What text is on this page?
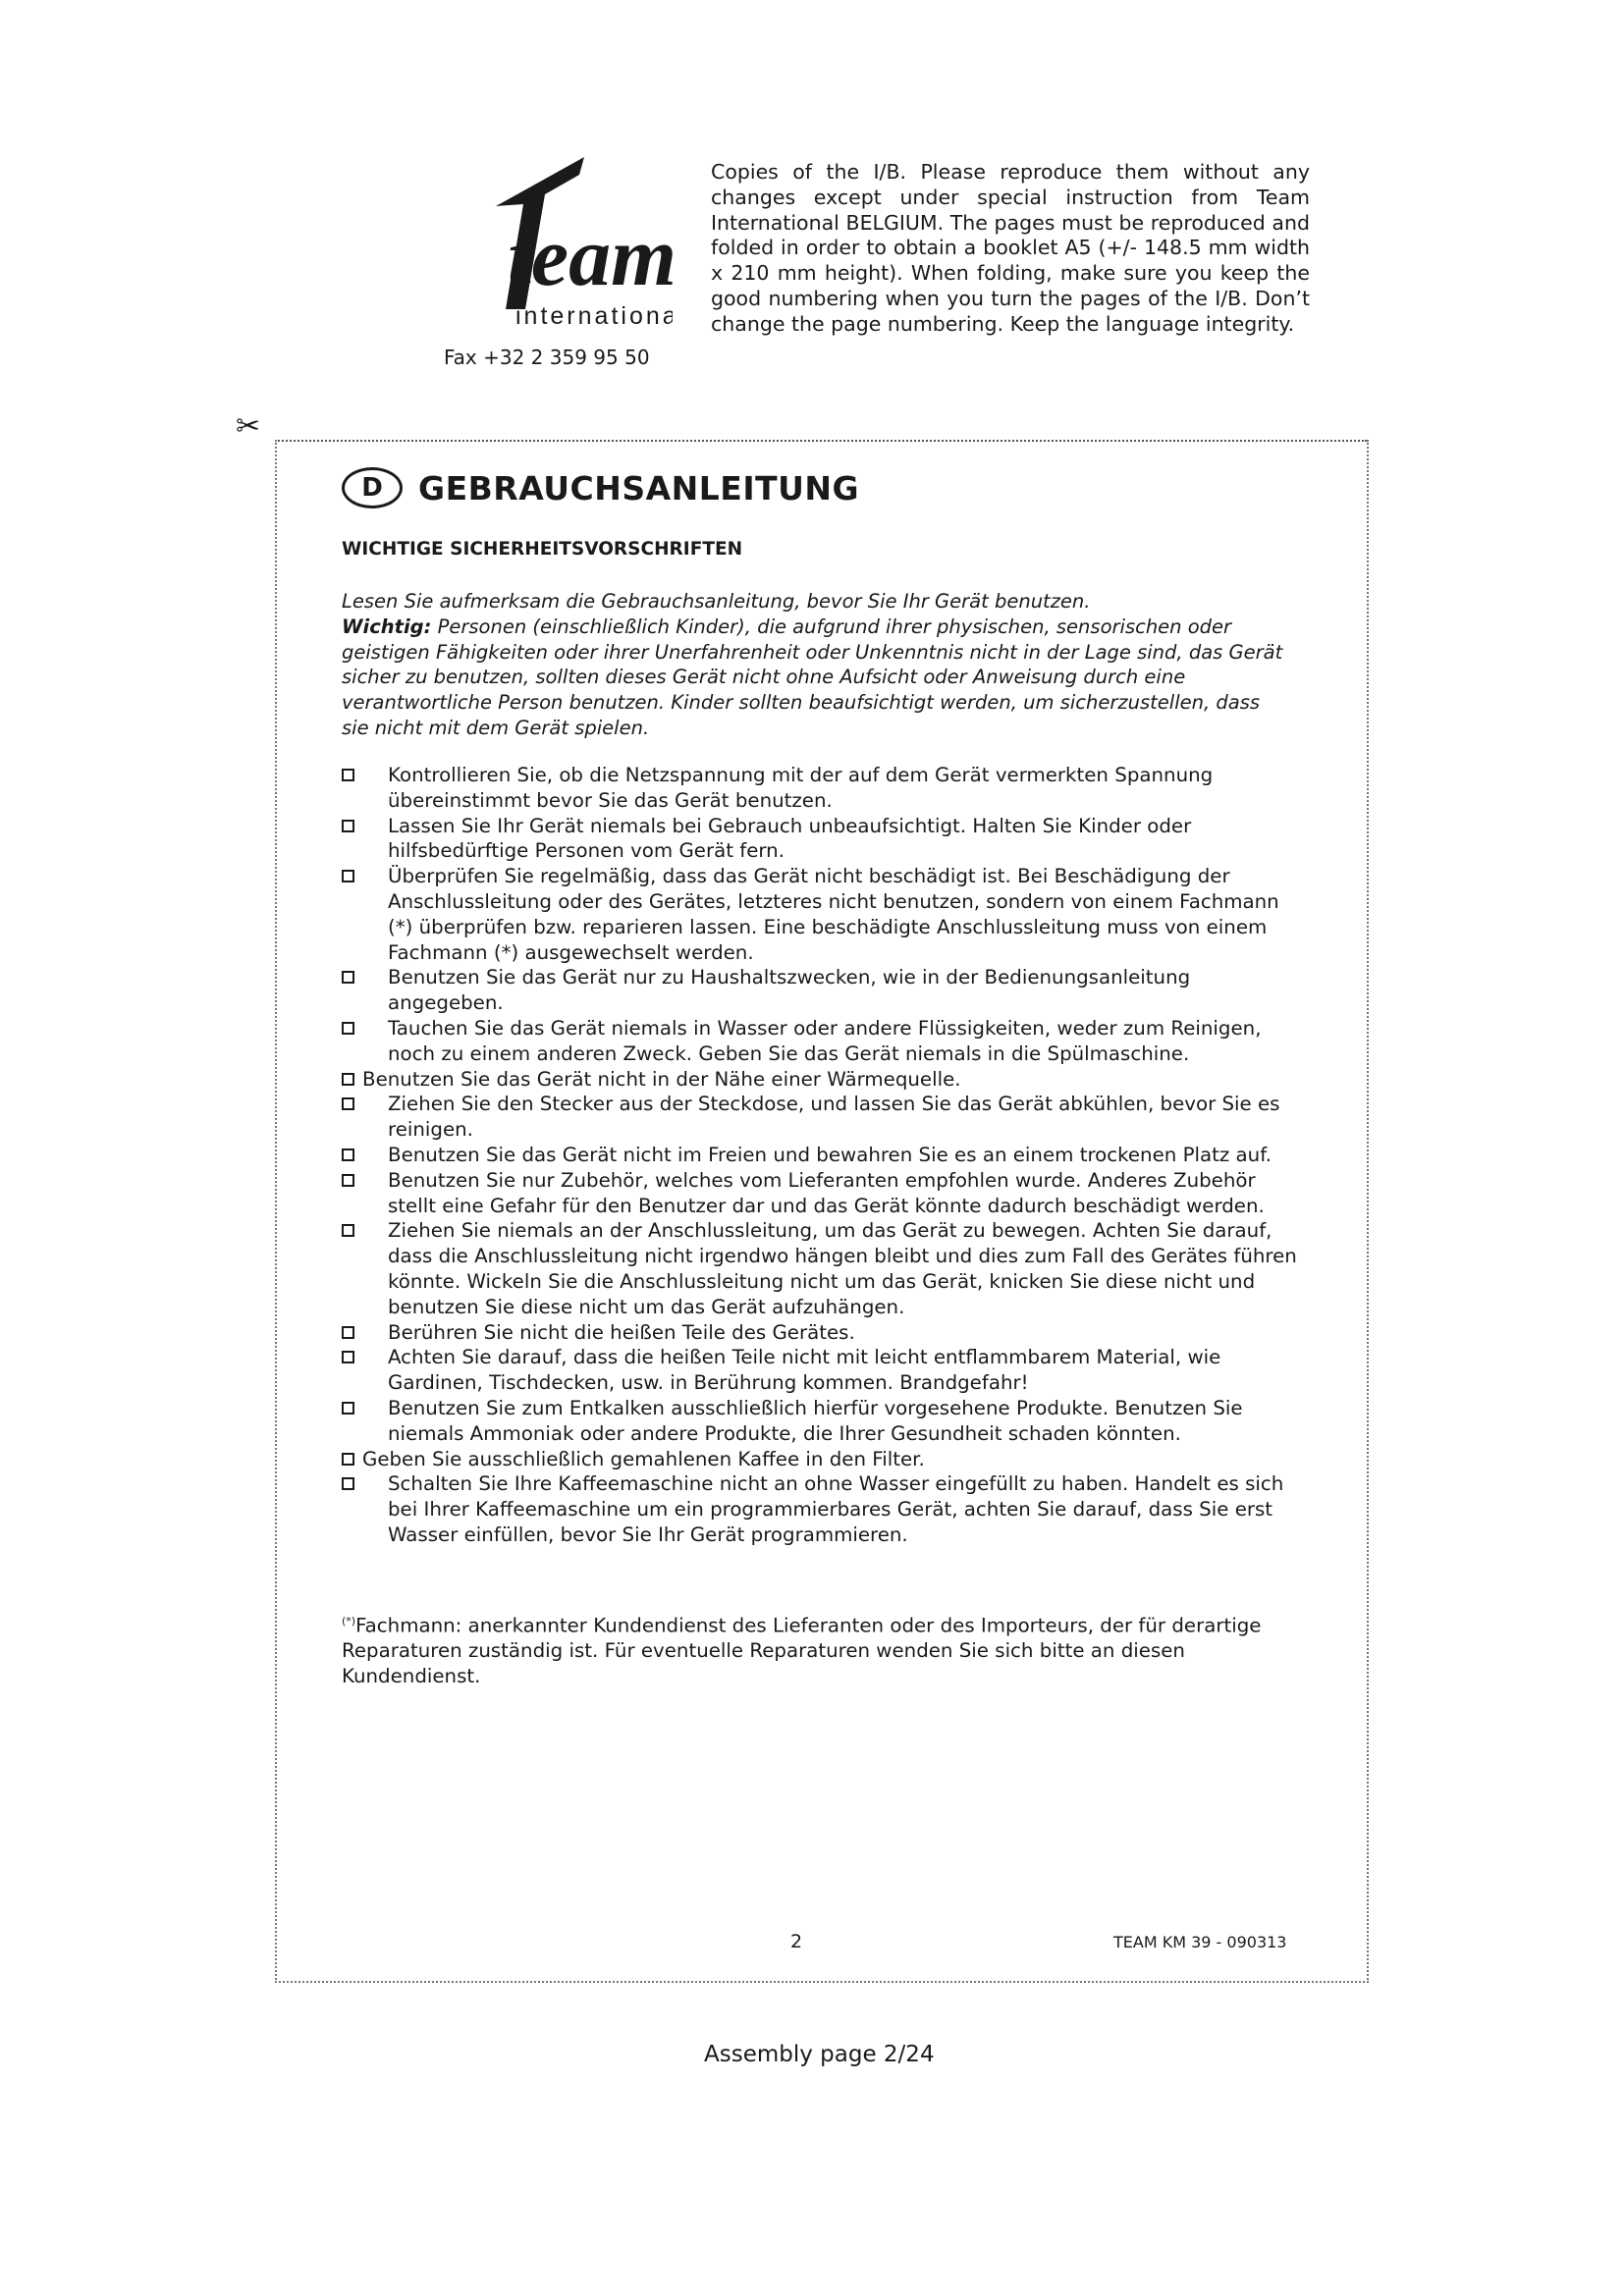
team
international
Fax +32 2 359 95 50
Copies of the I/B. Please reproduce them without any changes except under special instruction from Team International BELGIUM. The pages must be reproduced and folded in order to obtain a booklet A5 (+/- 148.5 mm width x 210 mm height). When folding, make sure you keep the good numbering when you turn the pages of the I/B. Don’t change the page numbering. Keep the language integrity.
✂
D	GEBRAUCHSANLEITUNG
WICHTIGE SICHERHEITSVORSCHRIFTEN
Lesen Sie aufmerksam die Gebrauchsanleitung, bevor Sie Ihr Gerät benutzen.
Wichtig: Personen (einschließlich Kinder), die aufgrund ihrer physischen, sensorischen oder geistigen Fähigkeiten oder ihrer Unerfahrenheit oder Unkenntnis nicht in der Lage sind, das Gerät sicher zu benutzen, sollten dieses Gerät nicht ohne Aufsicht oder Anweisung durch eine verantwortliche Person benutzen. Kinder sollten beaufsichtigt werden, um sicherzustellen, dass sie nicht mit dem Gerät spielen.
Kontrollieren Sie, ob die Netzspannung mit der auf dem Gerät vermerkten Spannung übereinstimmt bevor Sie das Gerät benutzen.
Lassen Sie Ihr Gerät niemals bei Gebrauch unbeaufsichtigt. Halten Sie Kinder oder hilfsbedürftige Personen vom Gerät fern.
Überprüfen Sie regelmäßig, dass das Gerät nicht beschädigt ist. Bei Beschädigung der Anschlussleitung oder des Gerätes, letzteres nicht benutzen, sondern von einem Fachmann (*) überprüfen bzw. reparieren lassen. Eine beschädigte Anschlussleitung muss von einem Fachmann (*) ausgewechselt werden.
Benutzen Sie das Gerät nur zu Haushaltszwecken, wie in der Bedienungsanleitung angegeben.
Tauchen Sie das Gerät niemals in Wasser oder andere Flüssigkeiten, weder zum Reinigen, noch zu einem anderen Zweck. Geben Sie das Gerät niemals in die Spülmaschine.
Benutzen Sie das Gerät nicht in der Nähe einer Wärmequelle.
Ziehen Sie den Stecker aus der Steckdose, und lassen Sie das Gerät abkühlen, bevor Sie es reinigen.
Benutzen Sie das Gerät nicht im Freien und bewahren Sie es an einem trockenen Platz auf.
Benutzen Sie nur Zubehör, welches vom Lieferanten empfohlen wurde. Anderes Zubehör stellt eine Gefahr für den Benutzer dar und das Gerät könnte dadurch beschädigt werden.
Ziehen Sie niemals an der Anschlussleitung, um das Gerät zu bewegen. Achten Sie darauf, dass die Anschlussleitung nicht irgendwo hängen bleibt und dies zum Fall des Gerätes führen könnte. Wickeln Sie die Anschlussleitung nicht um das Gerät, knicken Sie diese nicht und benutzen Sie diese nicht um das Gerät aufzuhängen.
Berühren Sie nicht die heißen Teile des Gerätes.
Achten Sie darauf, dass die heißen Teile nicht mit leicht entflammbarem Material, wie Gardinen, Tischdecken, usw. in Berührung kommen. Brandgefahr!
Benutzen Sie zum Entkalken ausschließlich hierfür vorgesehene Produkte. Benutzen Sie niemals Ammoniak oder andere Produkte, die Ihrer Gesundheit schaden könnten.
Geben Sie ausschließlich gemahlenen Kaffee in den Filter.
Schalten Sie Ihre Kaffeemaschine nicht an ohne Wasser eingefüllt zu haben. Handelt es sich bei Ihrer Kaffeemaschine um ein programmierbares Gerät, achten Sie darauf, dass Sie erst Wasser einfüllen, bevor Sie Ihr Gerät programmieren.
(*)Fachmann: anerkannter Kundendienst des Lieferanten oder des Importeurs, der für derartige Reparaturen zuständig ist. Für eventuelle Reparaturen wenden Sie sich bitte an diesen Kundendienst.
2	TEAM KM 39 - 090313
Assembly page 2/24
